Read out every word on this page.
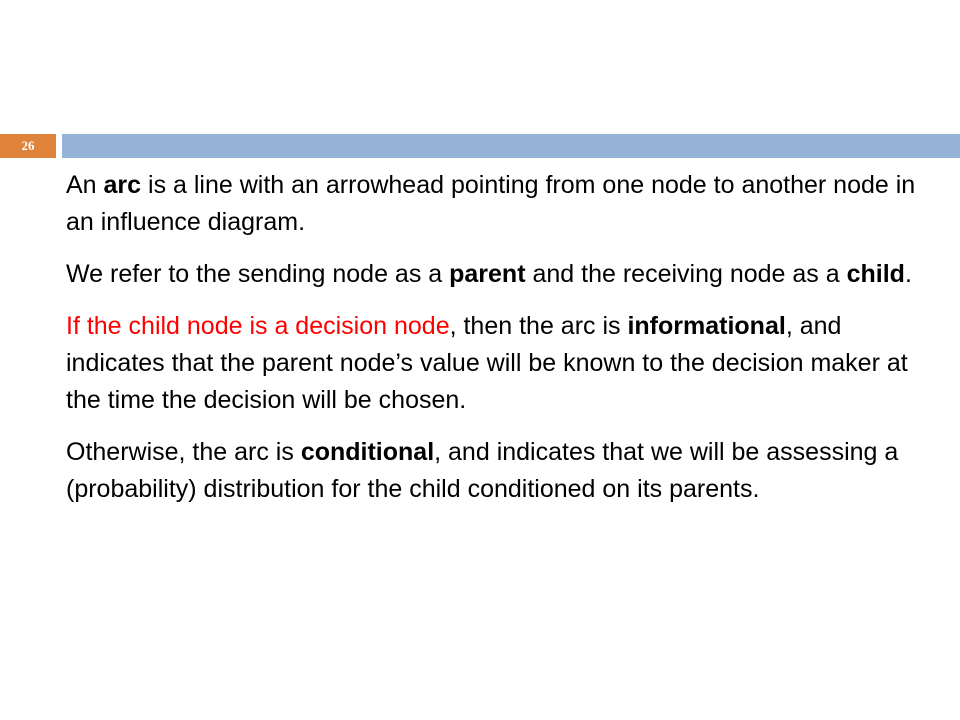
26

An arc is a line with an arrowhead pointing from one node to another node in an influence diagram.

We refer to the sending node as a parent and the receiving node as a child.

If the child node is a decision node, then the arc is informational, and indicates that the parent node’s value will be known to the decision maker at the time the decision will be chosen.

Otherwise, the arc is conditional, and indicates that we will be assessing a (probability) distribution for the child conditioned on its parents.
